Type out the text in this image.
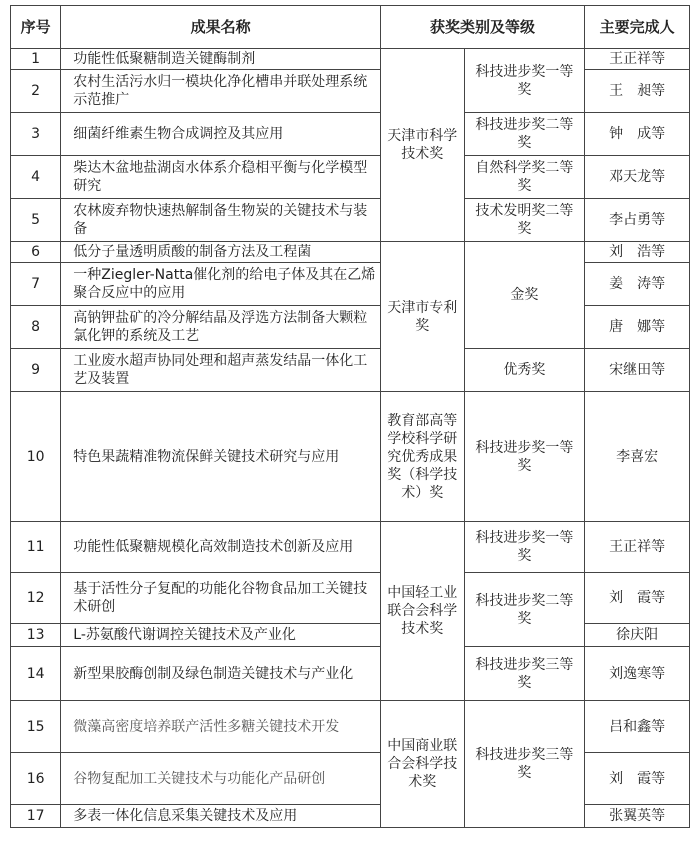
序号	成果名称	获奖类别及等级		主要完成人
1	功能性低聚糖制造关键酶制剂	天津市科学技术奖	科技进步奖一等奖	王正祥等
2	农村生活污水归一模块化净化槽串并联处理系统示范推广			王　昶等
3	细菌纤维素生物合成调控及其应用		科技进步奖二等奖	钟　成等
4	柴达木盆地盐湖卤水体系介稳相平衡与化学模型研究		自然科学奖二等奖	邓天龙等
5	农林废弃物快速热解制备生物炭的关键技术与装备		技术发明奖二等奖	李占勇等
6	低分子量透明质酸的制备方法及工程菌	天津市专利奖	金奖	刘　浩等
7	一种Ziegler-Natta催化剂的给电子体及其在乙烯聚合反应中的应用			姜　涛等
8	高钠钾盐矿的冷分解结晶及浮选方法制备大颗粒氯化钾的系统及工艺			唐　娜等
9	工业废水超声协同处理和超声蒸发结晶一体化工艺及装置		优秀奖	宋继田等
10	特色果蔬精准物流保鲜关键技术研究与应用	教育部高等学校科学研究优秀成果奖（科学技术）奖	科技进步奖一等奖	李喜宏
11	功能性低聚糖规模化高效制造技术创新及应用	中国轻工业联合会科学技术奖	科技进步奖一等奖	王正祥等
12	基于活性分子复配的功能化谷物食品加工关键技术研创		科技进步奖二等奖	刘　霞等
13	L-苏氨酸代谢调控关键技术及产业化			徐庆阳
14	新型果胶酶创制及绿色制造关键技术与产业化		科技进步奖三等奖	刘逸寒等
15	微藻高密度培养联产活性多糖关键技术开发	中国商业联合会科学技术奖	科技进步奖三等奖	吕和鑫等
16	谷物复配加工关键技术与功能化产品研创			刘　霞等
17	多表一体化信息采集关键技术及应用			张翼英等
